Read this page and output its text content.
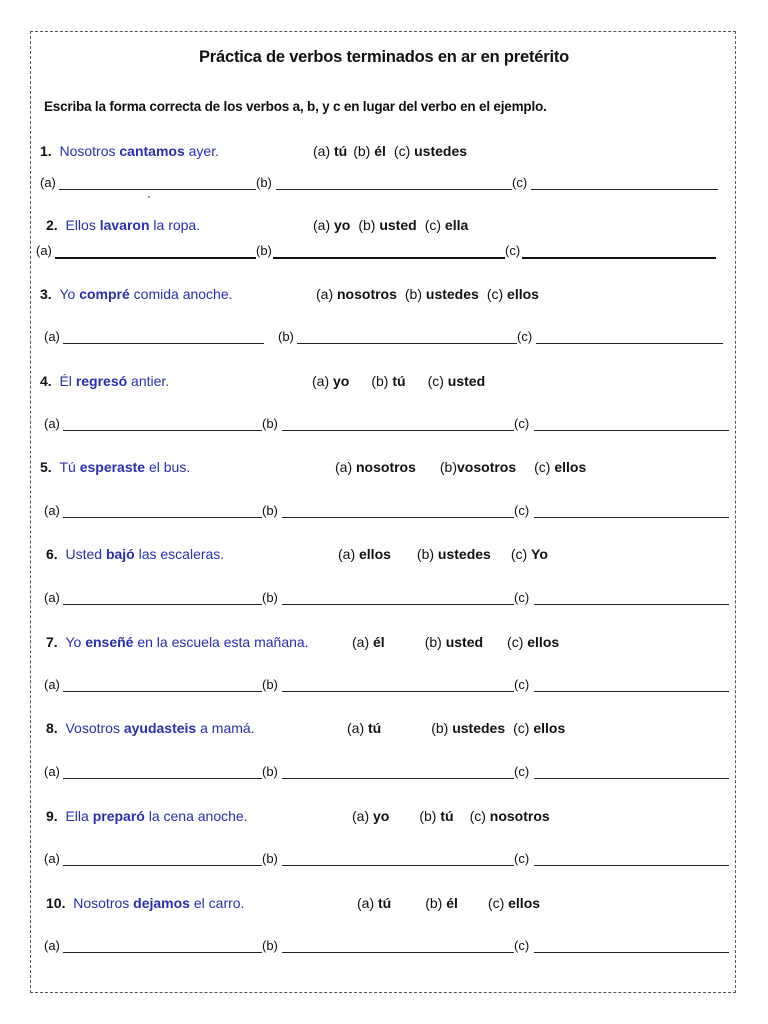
Práctica de verbos terminados en ar en pretérito
Escriba la forma correcta de los verbos a, b, y c en lugar del verbo en el ejemplo.
1.  Nosotros cantamos ayer.	(a) tú (b) él (c) ustedes
(a)	(b)	(c)
2.  Ellos lavaron la ropa.	(a) yo (b) usted (c) ella
(a)	(b)	(c)
3.  Yo compré comida anoche.	(a) nosotros (b) ustedes (c) ellos
(a)	(b)	(c)
4.  Él regresó antier.	(a) yo (b) tú (c) usted
(a)	(b)	(c)
5.  Tú esperaste el bus.	(a) nosotros (b)vosotros (c) ellos
(a)	(b)	(c)
6.  Usted bajó las escaleras.	(a) ellos (b) ustedes (c) Yo
(a)	(b)	(c)
7.  Yo enseñé en la escuela esta mañana.	(a) él	(b) usted (c) ellos
(a)	(b)	(c)
8.  Vosotros ayudasteis a mamá.	(a) tú	(b) ustedes (c) ellos
(a)	(b)	(c)
9.  Ella preparó la cena anoche.	(a) yo (b) tú (c) nosotros
(a)	(b)	(c)
10.  Nosotros dejamos el carro.	(a) tú (b) él (c) ellos
(a)	(b)	(c)
